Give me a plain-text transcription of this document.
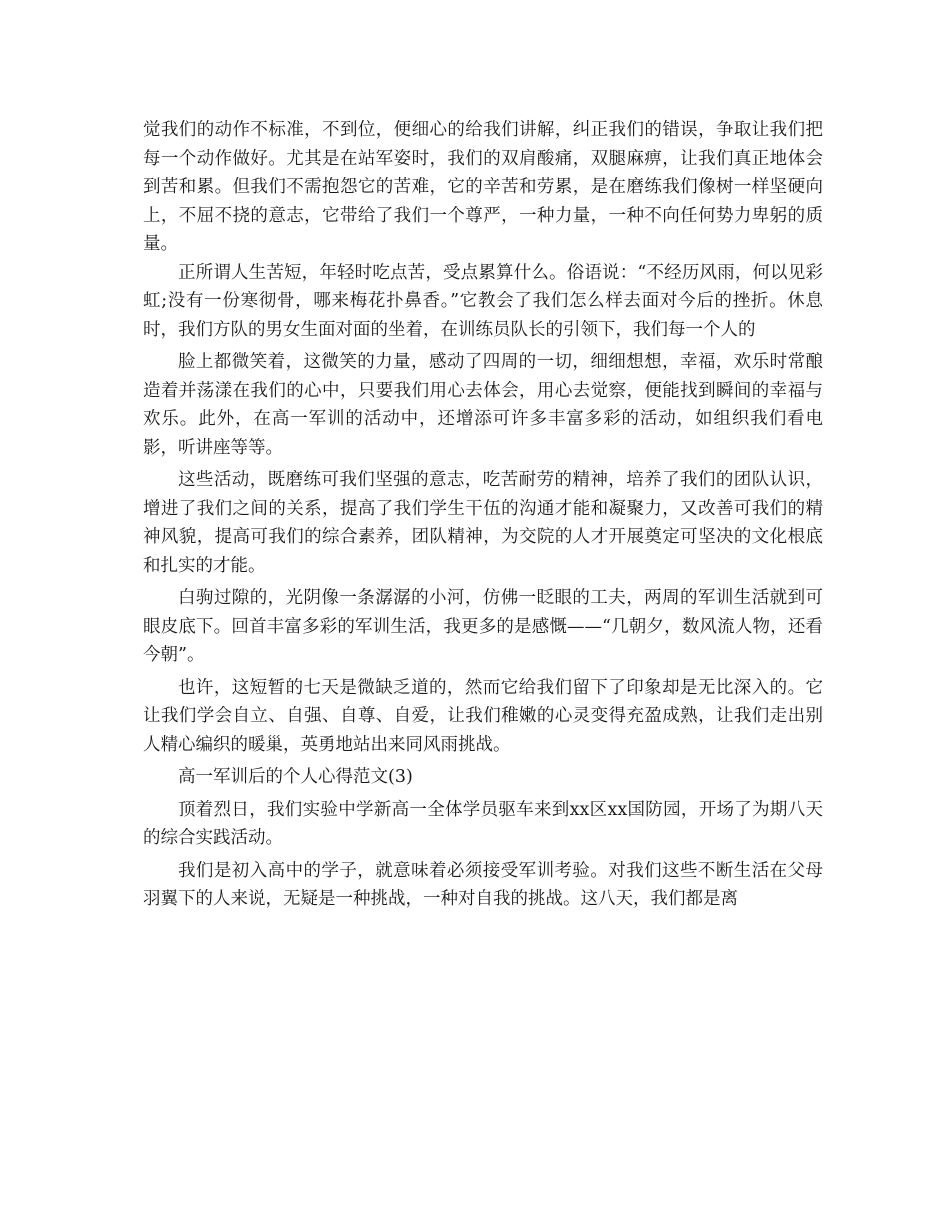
觉我们的动作不标准，不到位，便细心的给我们讲解，纠正我们的错误，争取让我们把每一个动作做好。尤其是在站军姿时，我们的双肩酸痛，双腿麻痹，让我们真正地体会到苦和累。但我们不需抱怨它的苦难，它的辛苦和劳累，是在磨练我们像树一样坚硬向上，不屈不挠的意志，它带给了我们一个尊严，一种力量，一种不向任何势力卑躬的质量。

正所谓人生苦短，年轻时吃点苦，受点累算什么。俗语说：“不经历风雨，何以见彩虹;没有一份寒彻骨，哪来梅花扑鼻香。”它教会了我们怎么样去面对今后的挫折。休息时，我们方队的男女生面对面的坐着，在训练员队长的引领下，我们每一个人的

脸上都微笑着，这微笑的力量，感动了四周的一切，细细想想，幸福，欢乐时常酿造着并荡漾在我们的心中，只要我们用心去体会，用心去觉察，便能找到瞬间的幸福与欢乐。此外，在高一军训的活动中，还增添可许多丰富多彩的活动，如组织我们看电影，听讲座等等。

这些活动，既磨练可我们坚强的意志，吃苦耐劳的精神，培养了我们的团队认识，增进了我们之间的关系，提高了我们学生干伍的沟通才能和凝聚力，又改善可我们的精神风貌，提高可我们的综合素养，团队精神，为交院的人才开展奠定可坚决的文化根底和扎实的才能。

白驹过隙的，光阴像一条潺潺的小河，仿佛一眨眼的工夫，两周的军训生活就到可眼皮底下。回首丰富多彩的军训生活，我更多的是感慨——“几朝夕，数风流人物，还看今朝”。

也许，这短暂的七天是微缺乏道的，然而它给我们留下了印象却是无比深入的。它让我们学会自立、自强、自尊、自爱，让我们稚嫩的心灵变得充盈成熟，让我们走出别人精心编织的暖巢，英勇地站出来同风雨挑战。

高一军训后的个人心得范文(3)

顶着烈日，我们实验中学新高一全体学员驱车来到xx区xx国防园，开场了为期八天的综合实践活动。

我们是初入高中的学子，就意味着必须接受军训考验。对我们这些不断生活在父母羽翼下的人来说，无疑是一种挑战，一种对自我的挑战。这八天，我们都是离
